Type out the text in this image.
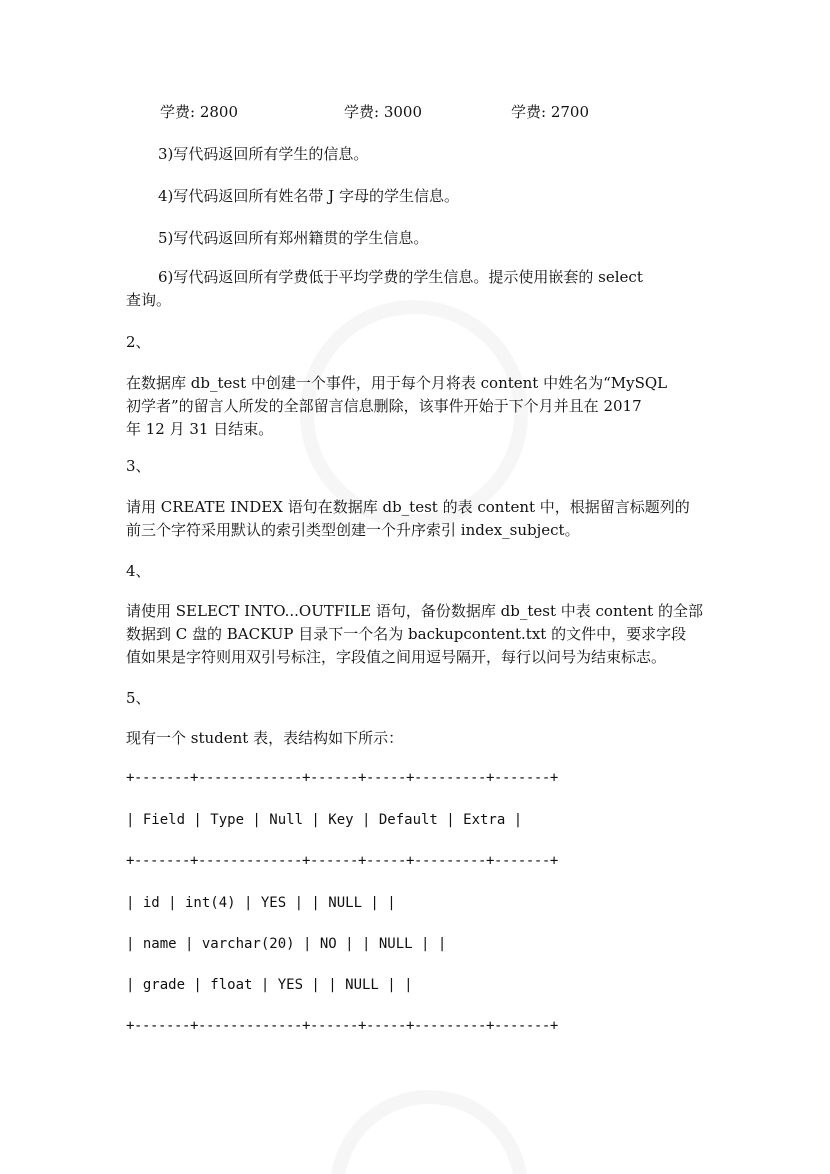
学费: 2800	学费: 3000	学费: 2700
3)写代码返回所有学生的信息。
4)写代码返回所有姓名带 J 字母的学生信息。
5)写代码返回所有郑州籍贯的学生信息。
6)写代码返回所有学费低于平均学费的学生信息。提示使用嵌套的 select
查询。
2、
在数据库 db_test 中创建一个事件，用于每个月将表 content 中姓名为“MySQL
初学者”的留言人所发的全部留言信息删除，该事件开始于下个月并且在 2017
年 12 月 31 日结束。
3、
请用 CREATE INDEX 语句在数据库 db_test 的表 content 中，根据留言标题列的
前三个字符采用默认的索引类型创建一个升序索引 index_subject。
4、
请使用 SELECT INTO...OUTFILE 语句，备份数据库 db_test 中表 content 的全部
数据到 C 盘的 BACKUP 目录下一个名为 backupcontent.txt 的文件中，要求字段
值如果是字符则用双引号标注，字段值之间用逗号隔开，每行以问号为结束标志。
5、
现有一个 student 表，表结构如下所示：
+-------+-------------+------+-----+---------+-------+
| Field | Type | Null | Key | Default | Extra |
+-------+-------------+------+-----+---------+-------+
| id | int(4) | YES | | NULL | |
| name | varchar(20) | NO | | NULL | |
| grade | float | YES | | NULL | |
+-------+-------------+------+-----+---------+-------+
